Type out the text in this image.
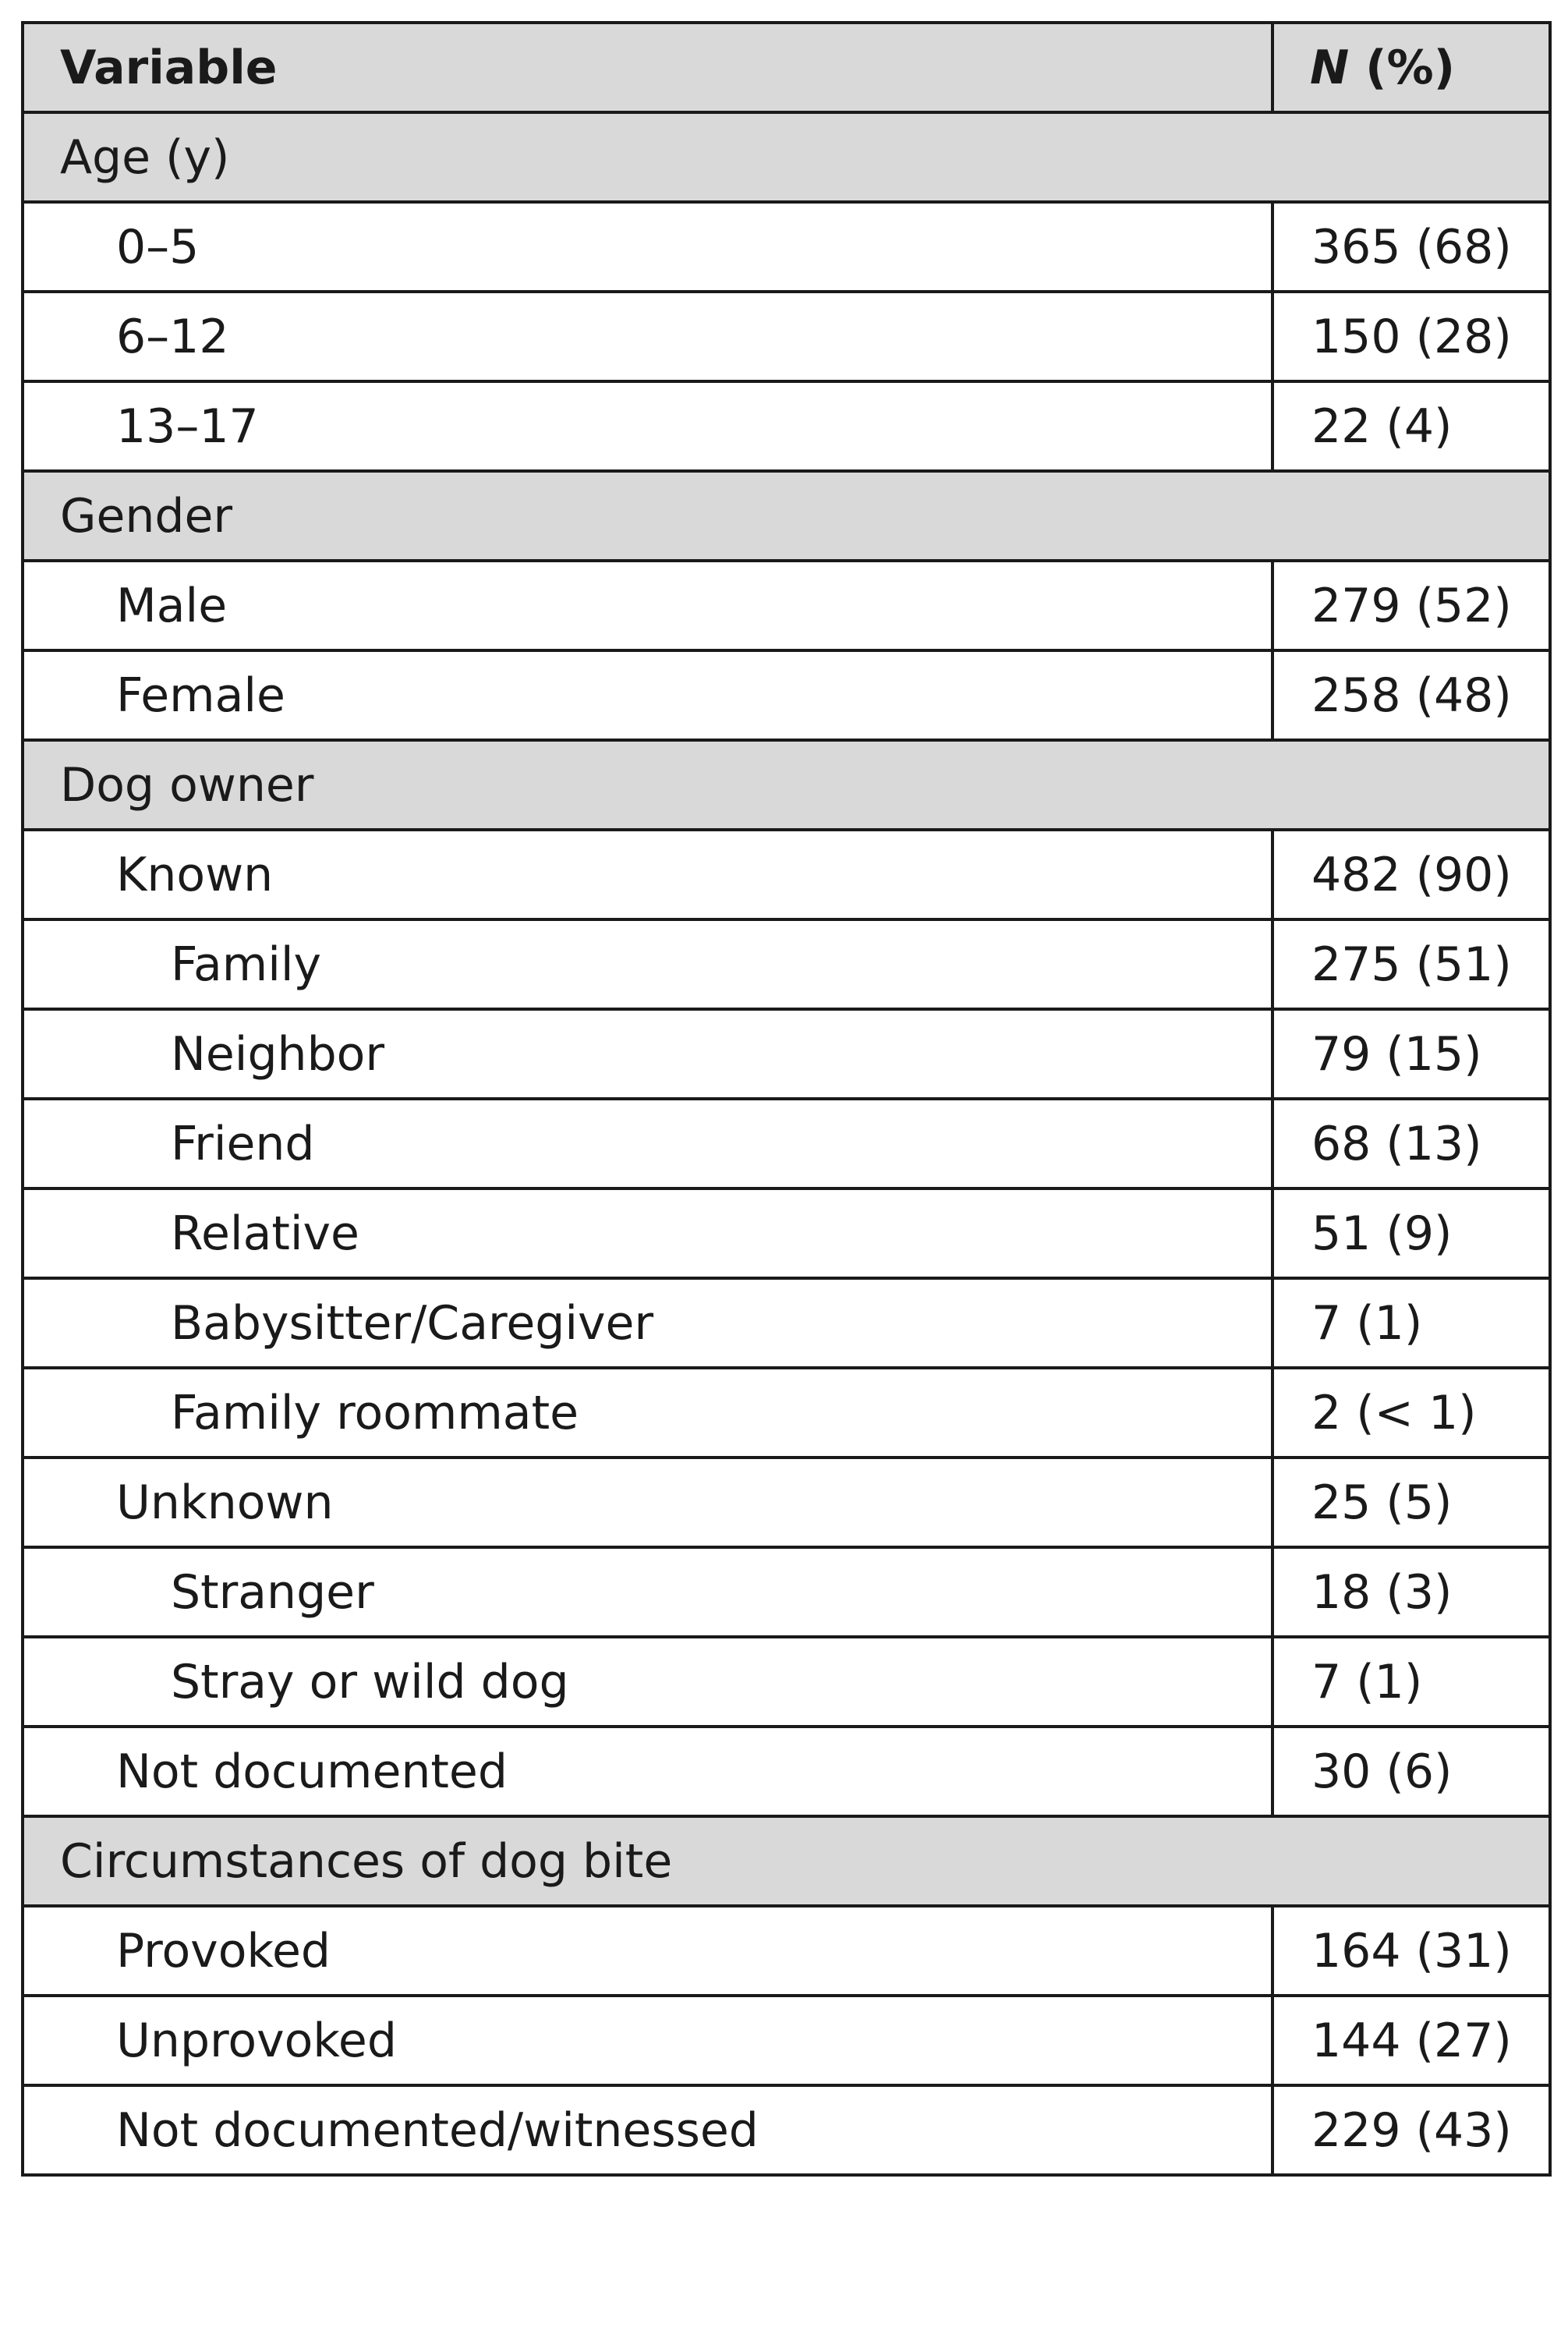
Variable	N (%)
Age (y)	
0–5	365 (68)
6–12	150 (28)
13–17	22 (4)
Gender	
Male	279 (52)
Female	258 (48)
Dog owner	
Known	482 (90)
Family	275 (51)
Neighbor	79 (15)
Friend	68 (13)
Relative	51 (9)
Babysitter/Caregiver	7 (1)
Family roommate	2 (< 1)
Unknown	25 (5)
Stranger	18 (3)
Stray or wild dog	7 (1)
Not documented	30 (6)
Circumstances of dog bite	
Provoked	164 (31)
Unprovoked	144 (27)
Not documented/witnessed	229 (43)
